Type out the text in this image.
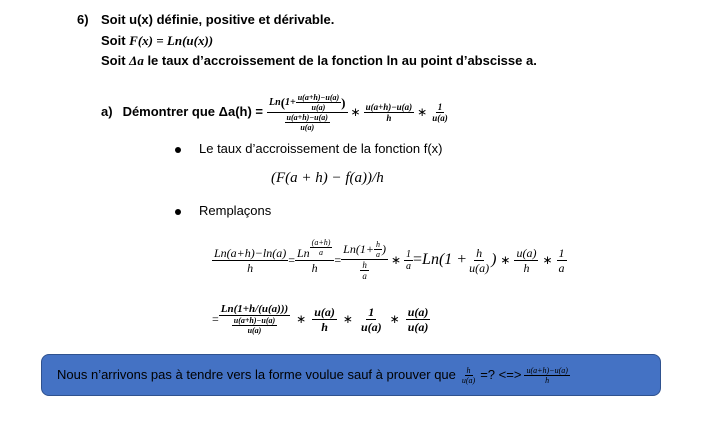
6) Soit u(x) définie, positive et dérivable.
Soit F(x) = Ln(u(x))
Soit Δa le taux d’accroissement de la fonction ln au point d’abscisse a.
a) Démontrer que Δa(h) =
Ln ( $1+ \frac{u(a+h)-u(a)}{u(a)}$ )
$\frac{u(a+h)-u(a)}{u(a)}$
∗ $\frac{u(a+h)-u(a)}{h}$ ∗ $\frac{1}{u(a)}$
Le taux d’accroissement de la fonction f(x)
(F(a + h) − f(a))/h
Remplaçons
$\frac{Ln(a+h)-\ln(a)}{h} = \frac{Ln \frac{(a+h)}{a}}{h}$ =
$Ln(1+ \frac{h}{a}$ )
$\frac{h}{a}$ ∗ $\frac{1}{a} = Ln(1 + \frac{h}{u(a)}$ ) ∗ $\frac{u(a)}{h}$ ∗ $\frac{1}{a}$
=
Ln(1+h/(u(a)))
$\frac{u(a+h)-u(a)}{u(a)}$ ∗ $\frac{u(a)}{h}$ ∗ $\frac{1}{u(a)}$ ∗ $\frac{u(a)}{u(a)}$
Nous n’arrivons pas à tendre vers la forme voulue sauf à prouver que $\frac{h}{u(a)}$ =? <=> $\frac{u(a+h)-u(a)}{h}$
